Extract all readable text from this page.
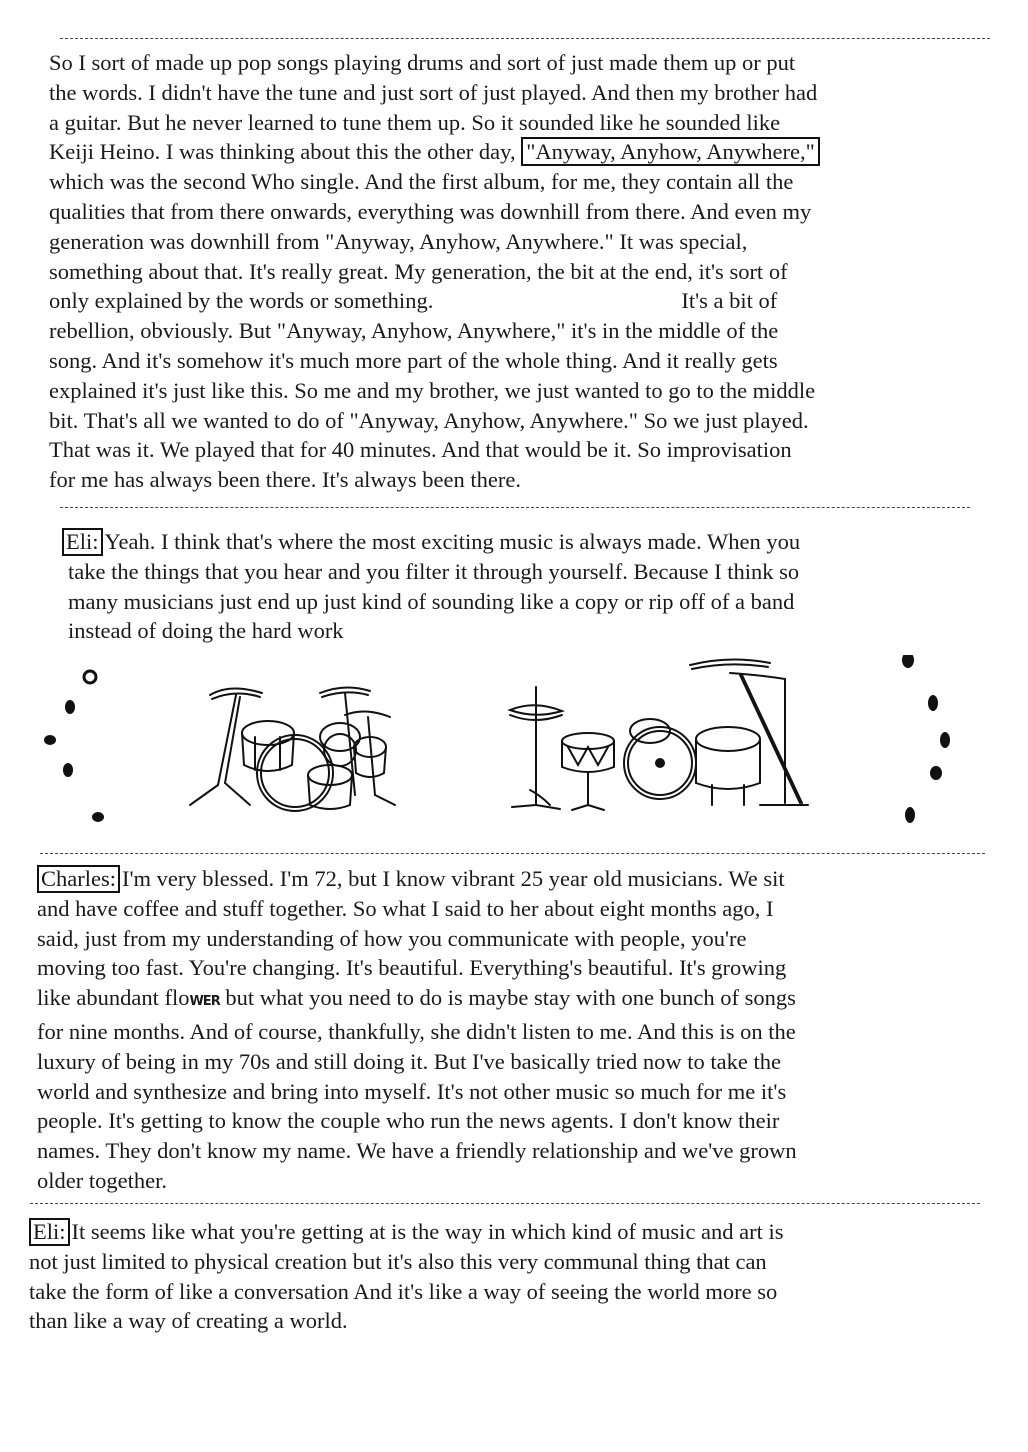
So I sort of made up pop songs playing drums and sort of just made them up or put
the words. I didn't have the tune and just sort of just played. And then my brother had
a guitar. But he never learned to tune them up. So it sounded like he sounded like
Keiji Heino. I was thinking about this the other day, "Anyway, Anyhow, Anywhere,"
which was the second Who single. And the first album, for me, they contain all the
qualities that from there onwards, everything was downhill from there. And even my
generation was downhill from "Anyway, Anyhow, Anywhere." It was special,
something about that. It's really great. My generation, the bit at the end, it's sort of
only explained by the words or something.	It's a bit of
rebellion, obviously. But "Anyway, Anyhow, Anywhere," it's in the middle of the
song. And it's somehow it's much more part of the whole thing. And it really gets
explained it's just like this. So me and my brother, we just wanted to go to the middle
bit. That's all we wanted to do of "Anyway, Anyhow, Anywhere." So we just played.
That was it. We played that for 40 minutes. And that would be it. So improvisation
for me has always been there. It's always been there.
Eli: Yeah. I think that's where the most exciting music is always made. When you
take the things that you hear and you filter it through yourself. Because I think so
many musicians just end up just kind of sounding like a copy or rip off of a band
instead of doing the hard work
Charles: I'm very blessed. I'm 72, but I know vibrant 25 year old musicians. We sit
and have coffee and stuff together. So what I said to her about eight months ago, I
said, just from my understanding of how you communicate with people, you're
moving too fast. You're changing. It's beautiful. Everything's beautiful. It's growing
like abundant floWER but what you need to do is maybe stay with one bunch of songs
for nine months. And of course, thankfully, she didn't listen to me. And this is on the
luxury of being in my 70s and still doing it. But I've basically tried now to take the
world and synthesize and bring into myself. It's not other music so much for me it's
people. It's getting to know the couple who run the news agents. I don't know their
names. They don't know my name. We have a friendly relationship and we've grown
older together.
Eli: It seems like what you're getting at is the way in which kind of music and art is
not just limited to physical creation but it's also this very communal thing that can
take the form of like a conversation And it's like a way of seeing the world more so
than like a way of creating a world.
